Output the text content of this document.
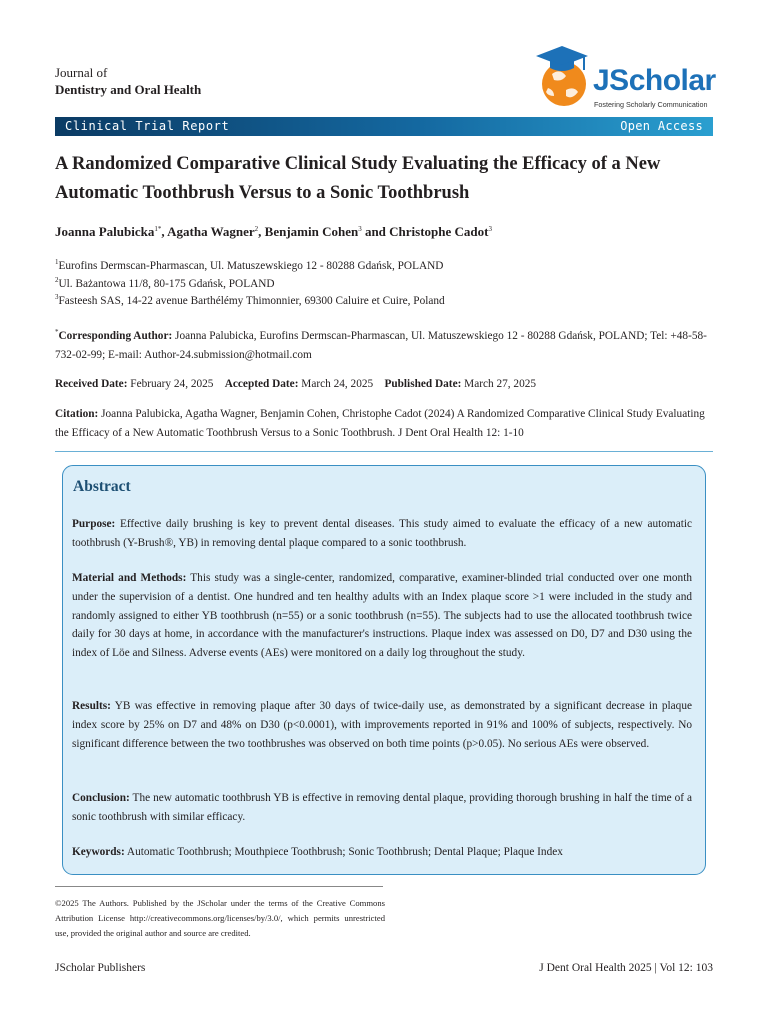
Journal of
Dentistry and Oral Health	JScholar
Fostering Scholarly Communication
Clinical Trial Report	Open Access
A Randomized Comparative Clinical Study Evaluating the Efficacy of a New Automatic Toothbrush Versus to a Sonic Toothbrush
Joanna Palubicka$^{1*}$, Agatha Wagner$^2$, Benjamin Cohen$^3$ and Christophe Cadot$^3$
$^1$Eurofins Dermscan-Pharmascan, Ul. Matuszewskiego 12 - 80288 Gdańsk, POLAND
$^2$Ul. Bażantowa 11/8, 80-175 Gdańsk, POLAND
$^3$Fasteesh SAS, 14-22 avenue Barthélémy Thimonnier, 69300 Caluire et Cuire, Poland
*Corresponding Author: Joanna Palubicka, Eurofins Dermscan-Pharmascan, Ul. Matuszewskiego 12 - 80288 Gdańsk, POLAND; Tel: +48-58-732-02-99; E-mail: Author-24.submission@hotmail.com
Received Date: February 24, 2025 Accepted Date: March 24, 2025 Published Date: March 27, 2025
Citation: Joanna Palubicka, Agatha Wagner, Benjamin Cohen, Christophe Cadot (2024) A Randomized Comparative Clinical Study Evaluating the Efficacy of a New Automatic Toothbrush Versus to a Sonic Toothbrush. J Dent Oral Health 12: 1-10
Abstract
Purpose: Effective daily brushing is key to prevent dental diseases. This study aimed to evaluate the efficacy of a new automatic toothbrush (Y-Brush®, YB) in removing dental plaque compared to a sonic toothbrush.
Material and Methods: This study was a single-center, randomized, comparative, examiner-blinded trial conducted over one month under the supervision of a dentist. One hundred and ten healthy adults with an Index plaque score >1 were included in the study and randomly assigned to either YB toothbrush (n=55) or a sonic toothbrush (n=55). The subjects had to use the allocated toothbrush twice daily for 30 days at home, in accordance with the manufacturer's instructions. Plaque index was assessed on D0, D7 and D30 using the index of Löe and Silness. Adverse events (AEs) were monitored on a daily log throughout the study.
Results: YB was effective in removing plaque after 30 days of twice-daily use, as demonstrated by a significant decrease in plaque index score by 25% on D7 and 48% on D30 (p<0.0001), with improvements reported in 91% and 100% of subjects, respectively. No significant difference between the two toothbrushes was observed on both time points (p>0.05). No serious AEs were observed.
Conclusion: The new automatic toothbrush YB is effective in removing dental plaque, providing thorough brushing in half the time of a sonic toothbrush with similar efficacy.
Keywords: Automatic Toothbrush; Mouthpiece Toothbrush; Sonic Toothbrush; Dental Plaque; Plaque Index
©2025 The Authors. Published by the JScholar under the terms of the Creative Commons Attribution License http://creativecommons.org/licenses/by/3.0/, which permits unrestricted use, provided the original author and source are credited.
JScholar Publishers	J Dent Oral Health 2025 | Vol 12: 103
